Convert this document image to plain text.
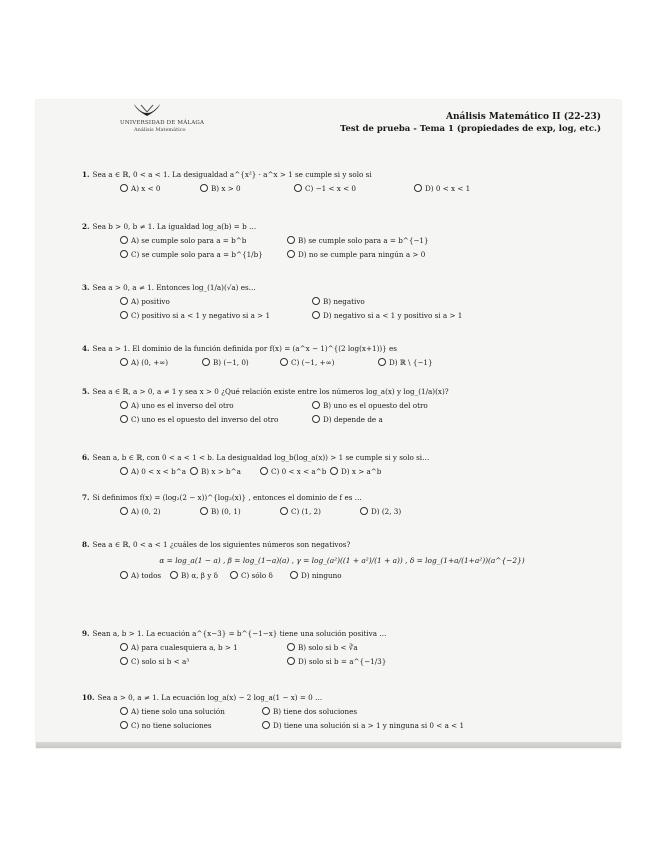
UNIVERSIDAD DE MÁLAGA
Análisis Matemático
Análisis Matemático II (22-23)
Test de prueba - Tema 1 (propiedades de exp, log, etc.)
1. Sea a ∈ ℝ, 0 < a < 1. La desigualdad a^{x²} · a^x > 1 se cumple si y solo si
A) x < 0	B) x > 0	C) −1 < x < 0	D) 0 < x < 1
2. Sea b > 0, b ≠ 1. La igualdad log_a(b) = b …
A) se cumple solo para a = b^b	B) se cumple solo para a = b^{−1}
C) se cumple solo para a = b^{1/b}	D) no se cumple para ningún a > 0
3. Sea a > 0, a ≠ 1. Entonces log_(1/a)(√a) es…
A) positivo	B) negativo
C) positivo si a < 1 y negativo si a > 1	D) negativo si a < 1 y positivo si a > 1
4. Sea a > 1. El dominio de la función definida por f(x) = (a^x − 1)^{(2 log(x+1))} es
A) (0, +∞)	B) (−1, 0)	C) (−1, +∞)	D) ℝ \ {−1}
5. Sea a ∈ ℝ, a > 0, a ≠ 1 y sea x > 0 ¿Qué relación existe entre los números log_a(x) y log_(1/a)(x)?
A) uno es el inverso del otro	B) uno es el opuesto del otro
C) uno es el opuesto del inverso del otro	D) depende de a
6. Sean a, b ∈ ℝ, con 0 < a < 1 < b. La desigualdad log_b(log_a(x)) > 1 se cumple si y solo si…
A) 0 < x < b^a	B) x > b^a	C) 0 < x < a^b	D) x > a^b
7. Si definimos f(x) = (log₂(2 − x))^{log₂(x)} , entonces el dominio de f es …
A) (0, 2)	B) (0, 1)	C) (1, 2)	D) (2, 3)
8. Sea a ∈ ℝ, 0 < a < 1 ¿cuáles de los siguientes números son negativos?
α = log_a(1 − a) , β = log_(1−a)(a) , γ = log_(a²)((1 + a²)/(1 + a)) , δ = log_(1+a/(1+a²))(a^{−2})
A) todos	B) α, β y δ	C) sólo δ	D) ninguno
9. Sean a, b > 1. La ecuación a^{x−3} = b^{−1−x} tiene una solución positiva …
A) para cualesquiera a, b > 1	B) solo si b < ∛a
C) solo si b < a³	D) solo si b = a^{−1/3}
10. Sea a > 0, a ≠ 1. La ecuación log_a(x) − 2 log_a(1 − x) = 0 …
A) tiene solo una solución	B) tiene dos soluciones
C) no tiene soluciones	D) tiene una solución si a > 1 y ninguna si 0 < a < 1
